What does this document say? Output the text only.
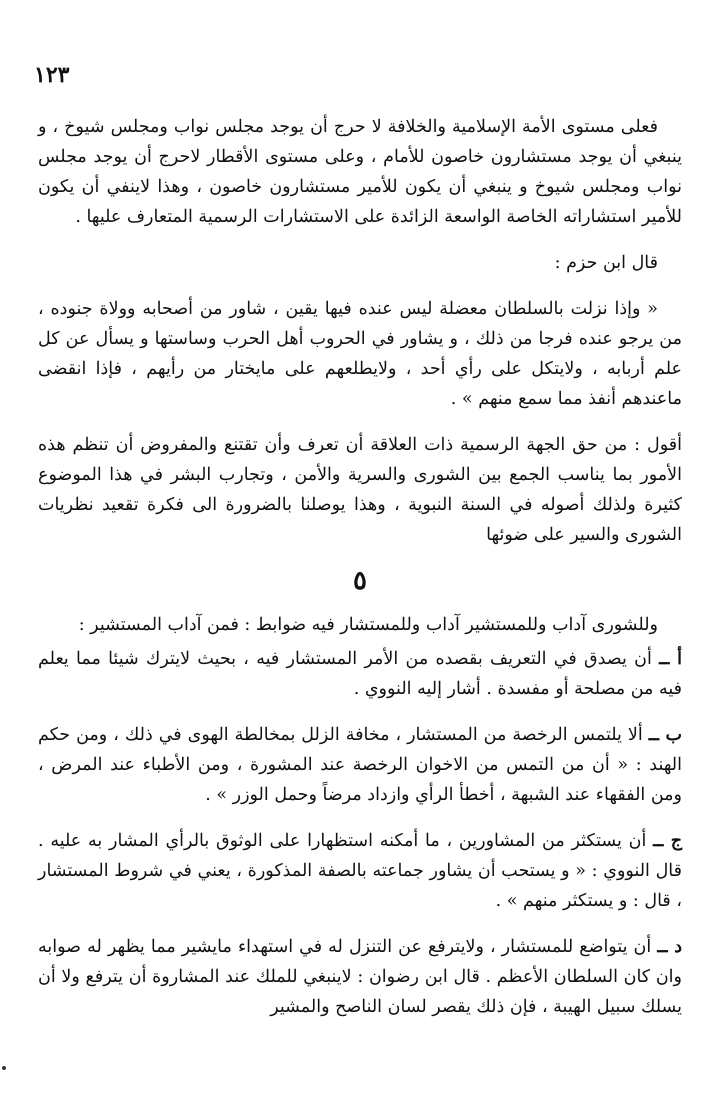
١٢٣

فعلى مستوى الأمة الإسلامية والخلافة لا حرج أن يوجد مجلس نواب ومجلس شيوخ ، و ينبغي أن يوجد مستشارون خاصون للأمام ، وعلى مستوى الأقطار لاحرج أن يوجد مجلس نواب ومجلس شيوخ و ينبغي أن يكون للأمير مستشارون خاصون ، وهذا لاينفي أن يكون للأمير استشاراته الخاصة الواسعة الزائدة على الاستشارات الرسمية المتعارف عليها .

قال ابن حزم :

« وإذا نزلت بالسلطان معضلة ليس عنده فيها يقين ، شاور من أصحابه وولاة جنوده ، من يرجو عنده فرجا من ذلك ، و يشاور في الحروب أهل الحرب وساستها و يسأل عن كل علم أربابه ، ولايتكل على رأي أحد ، ولايطلعهم على مايختار من رأيهم ، فإذا انقضى ماعندهم أنفذ مما سمع منهم » .

أقول : من حق الجهة الرسمية ذات العلاقة أن تعرف وأن تقتنع والمفروض أن تنظم هذه الأمور بما يناسب الجمع بين الشورى والسرية والأمن ، وتجارب البشر في هذا الموضوع كثيرة ولذلك أصوله في السنة النبوية ، وهذا يوصلنا بالضرورة الى فكرة تقعيد نظريات الشورى والسير على ضوئها

٥

وللشورى آداب وللمستشير آداب وللمستشار فيه ضوابط : فمن آداب المستشير :

أ ــ أن يصدق في التعريف بقصده من الأمر المستشار فيه ، بحيث لايترك شيئا مما يعلم فيه من مصلحة أو مفسدة . أشار إليه النووي .

ب ــ ألا يلتمس الرخصة من المستشار ، مخافة الزلل بمخالطة الهوى في ذلك ، ومن حكم الهند : « أن من التمس من الاخوان الرخصة عند المشورة ، ومن الأطباء عند المرض ، ومن الفقهاء عند الشبهة ، أخطأ الرأي وازداد مرضاً وحمل الوزر » .

ج ــ أن يستكثر من المشاورين ، ما أمكنه استظهارا على الوثوق بالرأي المشار به عليه . قال النووي : « و يستحب أن يشاور جماعته بالصفة المذكورة ، يعني في شروط المستشار ، قال : و يستكثر منهم » .

د ــ أن يتواضع للمستشار ، ولايترفع عن التنزل له في استهداء مايشير مما يظهر له صوابه وان كان السلطان الأعظم . قال ابن رضوان : لاينبغي للملك عند المشاروة أن يترفع ولا أن يسلك سبيل الهيبة ، فإن ذلك يقصر لسان الناصح والمشير
